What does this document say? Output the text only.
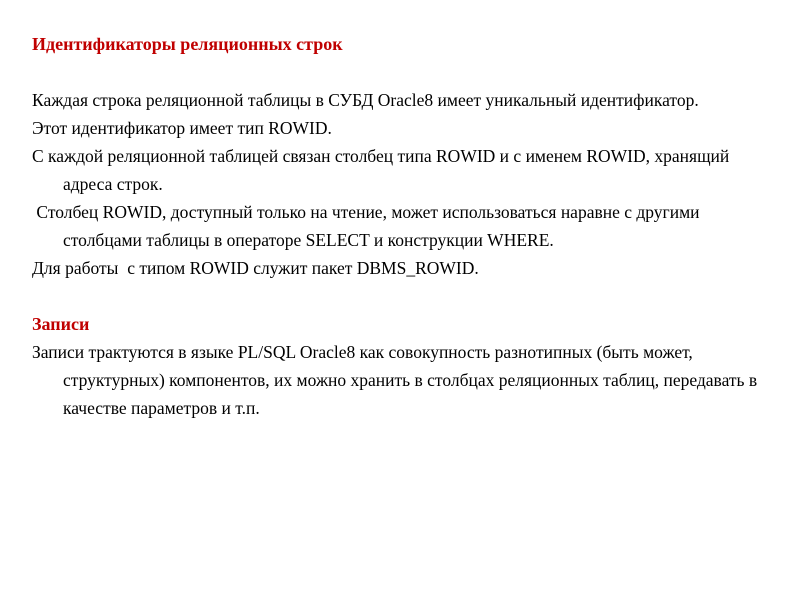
Идентификаторы реляционных строк

Каждая строка реляционной таблицы в СУБД Oracle8 имеет уникальный идентификатор.

Этот идентификатор имеет тип ROWID.

С каждой реляционной таблицей связан столбец типа ROWID и с именем ROWID, хранящий адреса строк.

Столбец ROWID, доступный только на чтение, может использоваться наравне с другими столбцами таблицы в операторе SELECT и конструкции WHERE.

Для работы  с типом ROWID служит пакет DBMS_ROWID.

Записи

Записи трактуются в языке PL/SQL Oracle8 как совокупность разнотипных (быть может, структурных) компонентов, их можно хранить в столбцах реляционных таблиц, передавать в качестве параметров и т.п.
